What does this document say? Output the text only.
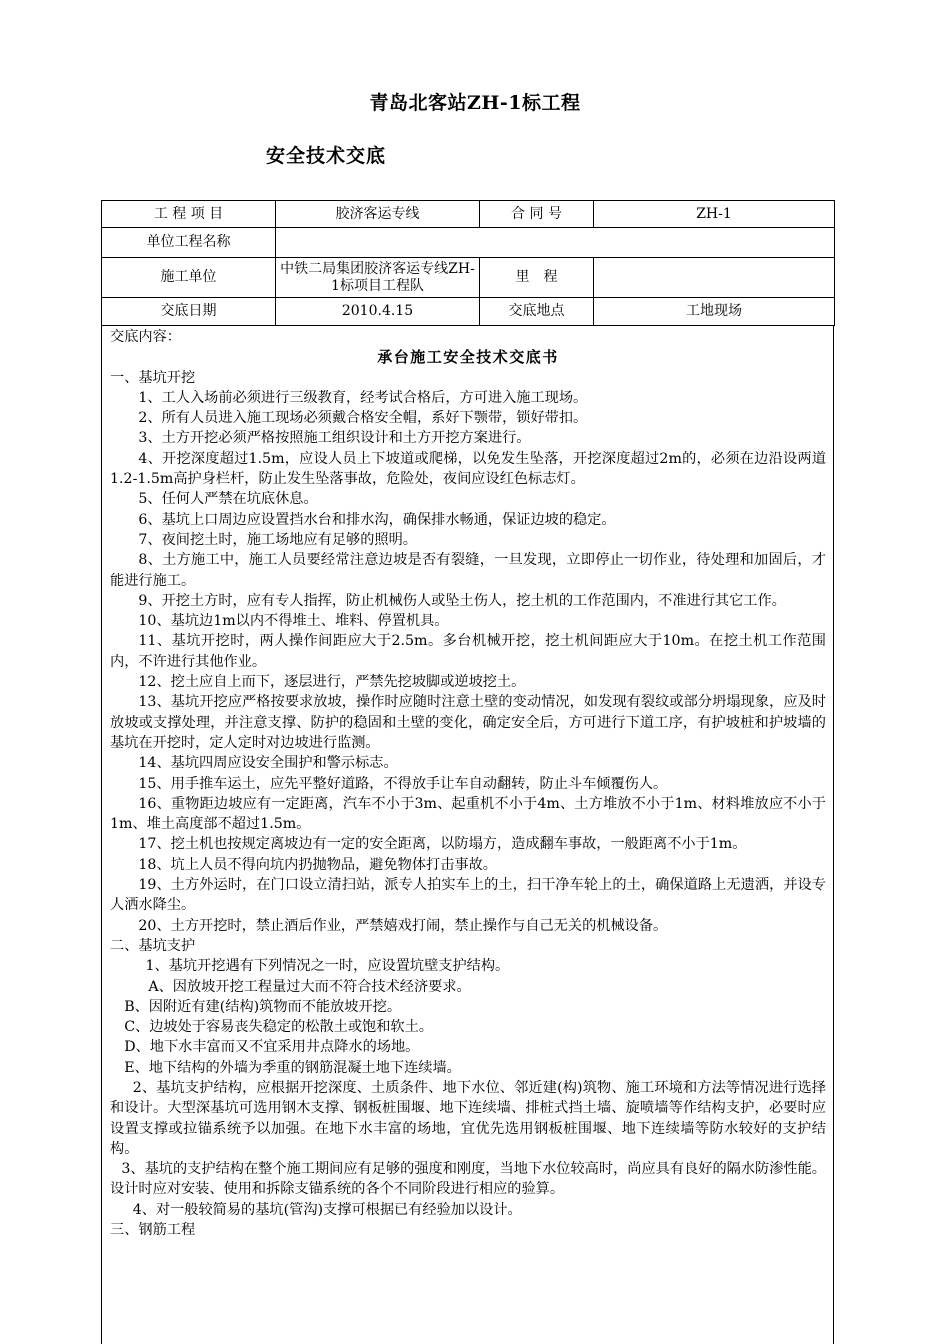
青岛北客站ZH-1标工程
安全技术交底
工 程 项 目	胶济客运专线	合 同 号	ZH-1
单位工程名称			
施工单位	中铁二局集团胶济客运专线ZH-1标项目工程队	里　程	
交底日期	2010.4.15	交底地点	工地现场

交底内容：

承台施工安全技术交底书

一、基坑开挖

1、工人入场前必须进行三级教育，经考试合格后，方可进入施工现场。

2、所有人员进入施工现场必须戴合格安全帽，系好下颚带，锁好带扣。

3、土方开挖必须严格按照施工组织设计和土方开挖方案进行。

4、开挖深度超过1.5m，应设人员上下坡道或爬梯，以免发生坠落，开挖深度超过2m的，必须在边沿设两道1.2-1.5m高护身栏杆，防止发生坠落事故，危险处，夜间应设红色标志灯。

5、任何人严禁在坑底休息。

6、基坑上口周边应设置挡水台和排水沟，确保排水畅通，保证边坡的稳定。

7、夜间挖土时，施工场地应有足够的照明。

8、土方施工中，施工人员要经常注意边坡是否有裂缝，一旦发现，立即停止一切作业，待处理和加固后，才能进行施工。

9、开挖土方时，应有专人指挥，防止机械伤人或坠土伤人，挖土机的工作范围内，不准进行其它工作。

10、基坑边1m以内不得堆土、堆料、停置机具。

11、基坑开挖时，两人操作间距应大于2.5m。多台机械开挖，挖土机间距应大于10m。在挖土机工作范围内，不许进行其他作业。

12、挖土应自上而下，逐层进行，严禁先挖坡脚或逆坡挖土。

13、基坑开挖应严格按要求放坡，操作时应随时注意土壁的变动情况，如发现有裂纹或部分坍塌现象，应及时放坡或支撑处理，并注意支撑、防护的稳固和土壁的变化，确定安全后，方可进行下道工序，有护坡桩和护坡墙的基坑在开挖时，定人定时对边坡进行监测。

14、基坑四周应设安全围护和警示标志。

15、用手推车运土，应先平整好道路，不得放手让车自动翻转，防止斗车倾覆伤人。

16、重物距边坡应有一定距离，汽车不小于3m、起重机不小于4m、土方堆放不小于1m、材料堆放应不小于1m、堆土高度部不超过1.5m。

17、挖土机也按规定离坡边有一定的安全距离，以防塌方，造成翻车事故，一般距离不小于1m。

18、坑上人员不得向坑内扔抛物品，避免物体打击事故。

19、土方外运时，在门口设立清扫站，派专人拍实车上的土，扫干净车轮上的土，确保道路上无遗洒，并设专人洒水降尘。

20、土方开挖时，禁止酒后作业，严禁嬉戏打闹，禁止操作与自己无关的机械设备。

二、基坑支护

1、基坑开挖遇有下列情况之一时，应设置坑壁支护结构。

A、因放坡开挖工程量过大而不符合技术经济要求。

B、因附近有建(结构)筑物而不能放坡开挖。

C、边坡处于容易丧失稳定的松散土或饱和软土。

D、地下水丰富而又不宜采用井点降水的场地。

E、地下结构的外墙为季重的钢筋混凝土地下连续墙。

2、基坑支护结构，应根据开挖深度、土质条件、地下水位、邻近建(构)筑物、施工环境和方法等情况进行选择和设计。大型深基坑可选用钢木支撑、钢板桩围堰、地下连续墙、排桩式挡土墙、旋喷墙等作结构支护，必要时应设置支撑或拉锚系统予以加强。在地下水丰富的场地，宜优先选用钢板桩围堰、地下连续墙等防水较好的支护结构。

3、基坑的支护结构在整个施工期间应有足够的强度和刚度，当地下水位较高时，尚应具有良好的隔水防渗性能。设计时应对安装、使用和拆除支锚系统的各个不同阶段进行相应的验算。

4、对一般较简易的基坑(管沟)支撑可根据已有经验加以设计。

三、钢筋工程
